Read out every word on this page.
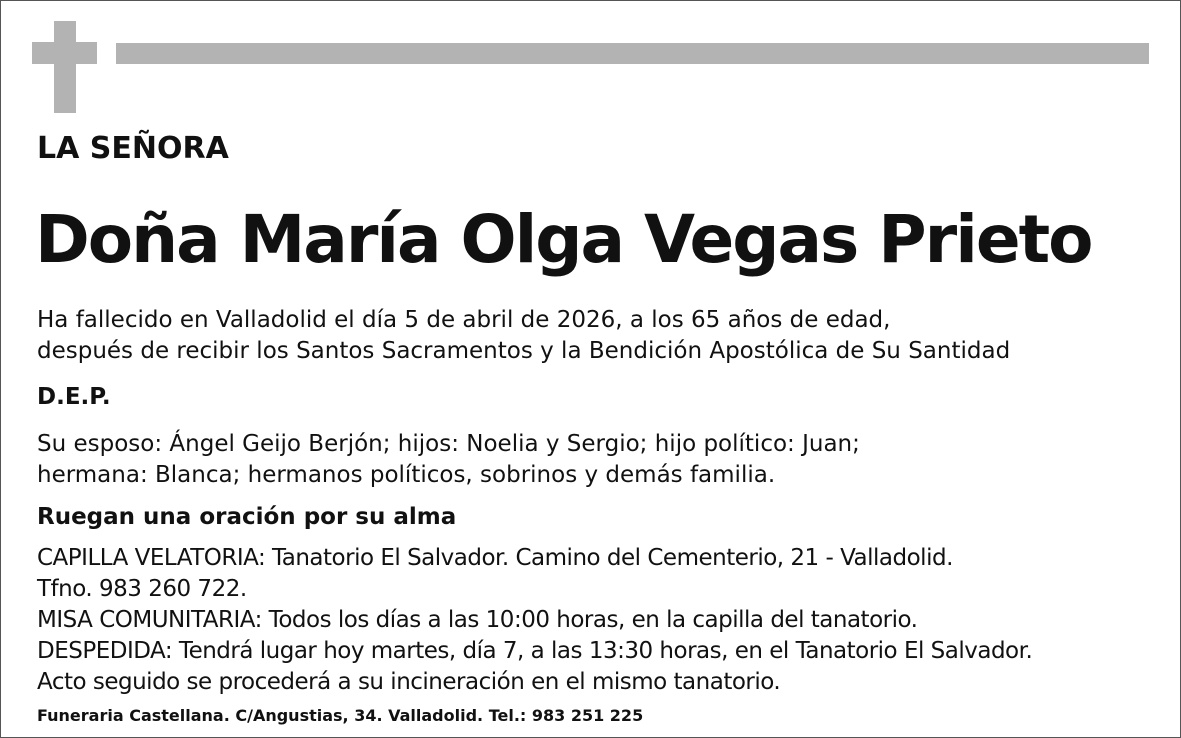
LA SEÑORA
Doña María Olga Vegas Prieto
Ha fallecido en Valladolid el día 5 de abril de 2026, a los 65 años de edad,
después de recibir los Santos Sacramentos y la Bendición Apostólica de Su Santidad
D.E.P.
Su esposo: Ángel Geijo Berjón; hijos: Noelia y Sergio; hijo político: Juan;
hermana: Blanca; hermanos políticos, sobrinos y demás familia.
Ruegan una oración por su alma
CAPILLA VELATORIA: Tanatorio El Salvador. Camino del Cementerio, 21 - Valladolid.
Tfno. 983 260 722.
MISA COMUNITARIA: Todos los días a las 10:00 horas, en la capilla del tanatorio.
DESPEDIDA: Tendrá lugar hoy martes, día 7, a las 13:30 horas, en el Tanatorio El Salvador.
Acto seguido se procederá a su incineración en el mismo tanatorio.
Funeraria Castellana. C/Angustias, 34. Valladolid. Tel.: 983 251 225
